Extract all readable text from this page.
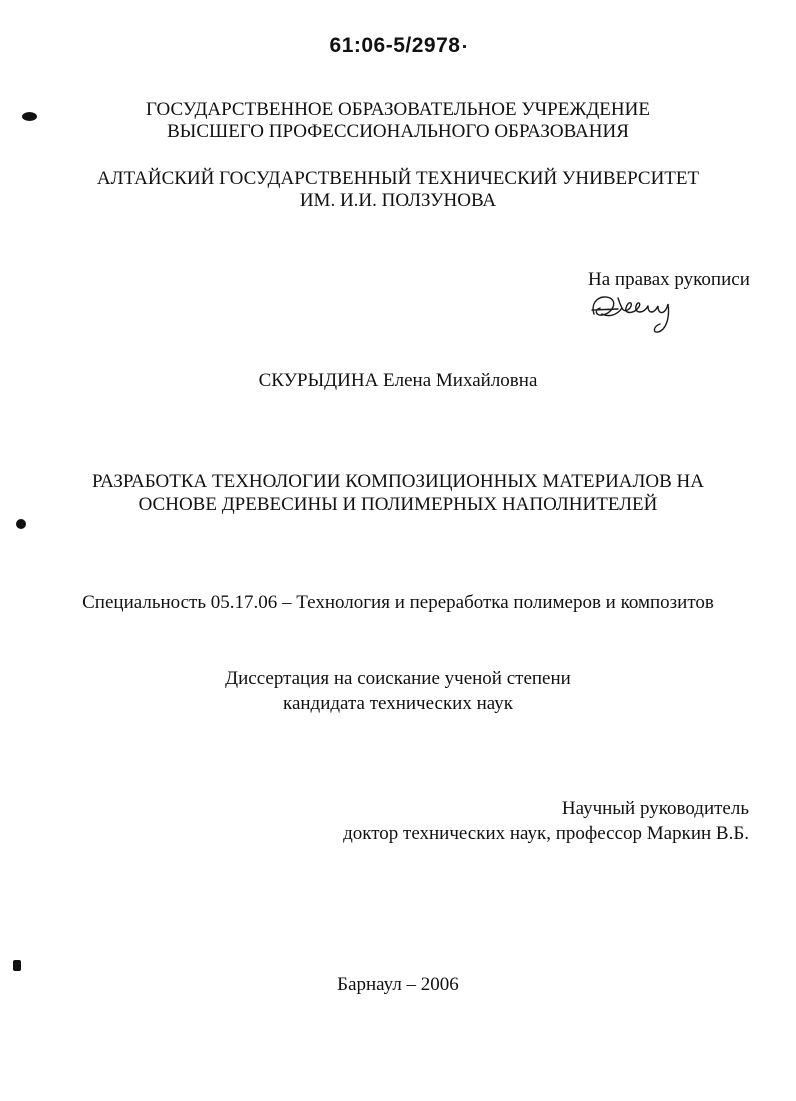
61:06-5/2978
ГОСУДАРСТВЕННОЕ ОБРАЗОВАТЕЛЬНОЕ УЧРЕЖДЕНИЕ
ВЫСШЕГО ПРОФЕССИОНАЛЬНОГО ОБРАЗОВАНИЯ
АЛТАЙСКИЙ ГОСУДАРСТВЕННЫЙ ТЕХНИЧЕСКИЙ УНИВЕРСИТЕТ
ИМ. И.И. ПОЛЗУНОВА
На правах рукописи
СКУРЫДИНА Елена Михайловна
РАЗРАБОТКА ТЕХНОЛОГИИ КОМПОЗИЦИОННЫХ МАТЕРИАЛОВ НА
ОСНОВЕ ДРЕВЕСИНЫ И ПОЛИМЕРНЫХ НАПОЛНИТЕЛЕЙ
Специальность 05.17.06 – Технология и переработка полимеров и композитов
Диссертация на соискание ученой степени
кандидата технических наук
Научный руководитель
доктор технических наук, профессор Маркин В.Б.
Барнаул – 2006
